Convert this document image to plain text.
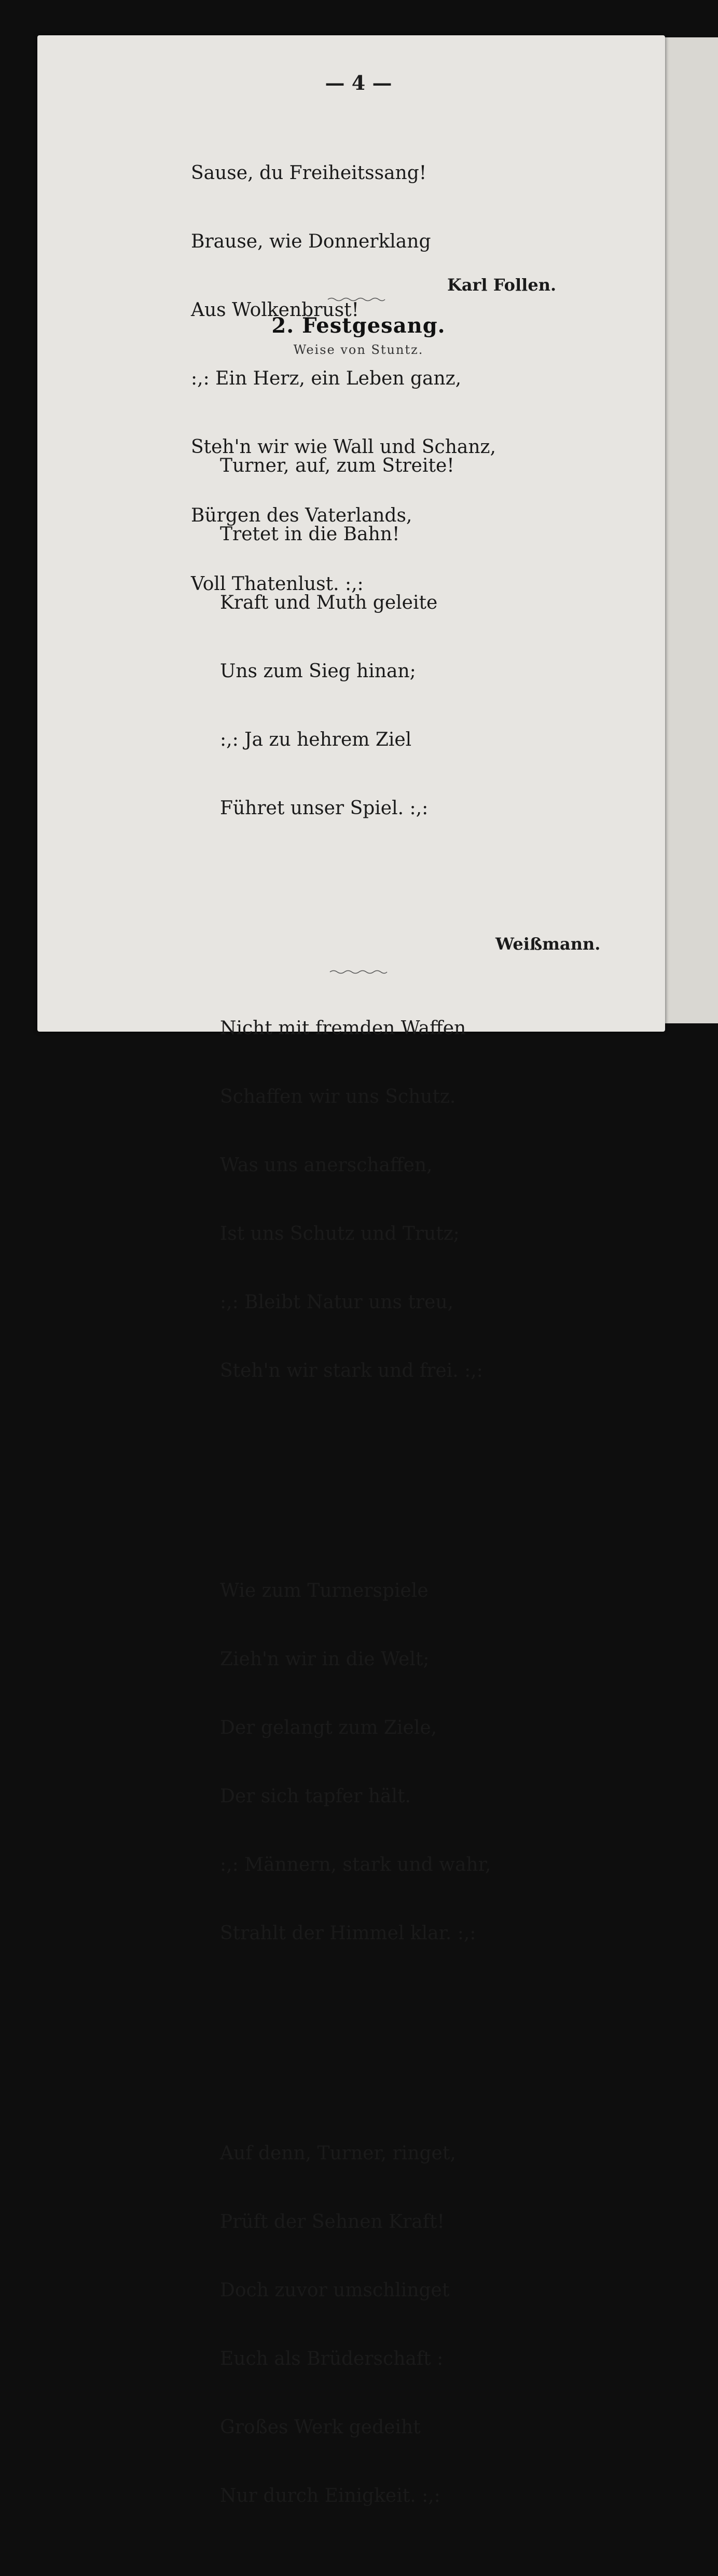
— 4 —

Sause, du Freiheitssang!

Brause, wie Donnerklang

Aus Wolkenbrust!

:,: Ein Herz, ein Leben ganz,

Steh'n wir wie Wall und Schanz,

Bürgen des Vaterlands,

Voll Thatenlust. :,:

Karl Follen.
2. Festgesang.
Weise von Stuntz.

Turner, auf, zum Streite!

Tretet in die Bahn!

Kraft und Muth geleite

Uns zum Sieg hinan;

:,: Ja zu hehrem Ziel

Führet unser Spiel. :,:

Nicht mit fremden Waffen

Schaffen wir uns Schutz.

Was uns anerschaffen,

Ist uns Schutz und Trutz;

:,: Bleibt Natur uns treu,

Steh'n wir stark und frei. :,:

Wie zum Turnerspiele

Zieh'n wir in die Welt;

Der gelangt zum Ziele,

Der sich tapfer hält.

:,: Männern, stark und wahr,

Strahlt der Himmel klar. :,:

Auf denn, Turner, ringet,

Prüft der Sehnen Kraft!

Doch zuvor umschlinget

Euch als Brüderschaft :

Großes Werk gedeiht

Nur durch Einigkeit. :,:

Weißmann.
